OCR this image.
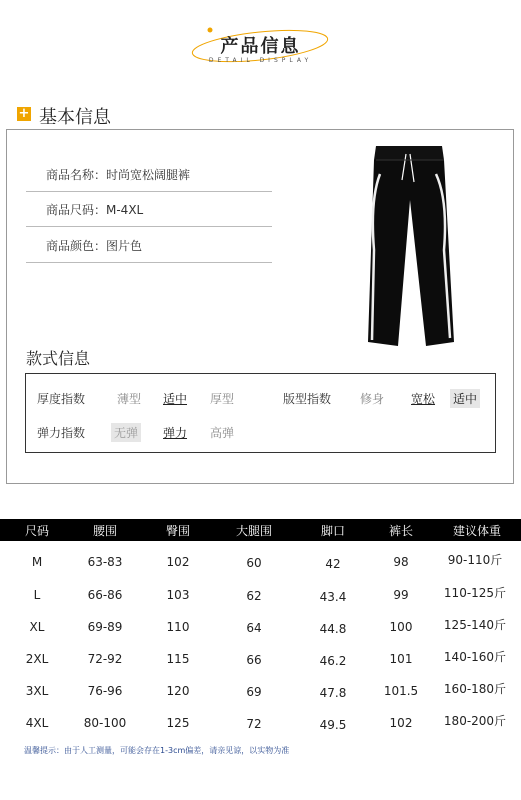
产品信息
DETAIL DISPLAY
+ 基本信息
商品名称：时尚宽松阔腿裤
商品尺码：M-4XL
商品颜色：图片色
款式信息
厚度指数	薄型 适中 厚型	版型指数 修身 宽松 适中
弹力指数 无弹 弹力 高弹
尺码	腰围	臀围	大腿围	脚口	裤长	建议体重
M	63-83	102	60	42	98	90-110斤
L	66-86	103	62	43.4	99	110-125斤
XL	69-89	110	64	44.8	100	125-140斤
2XL	72-92	115	66	46.2	101	140-160斤
3XL	76-96	120	69	47.8	101.5	160-180斤
4XL	80-100	125	72	49.5	102	180-200斤
温馨提示：由于人工测量，可能会存在1-3cm偏差，请亲见谅，以实物为准
